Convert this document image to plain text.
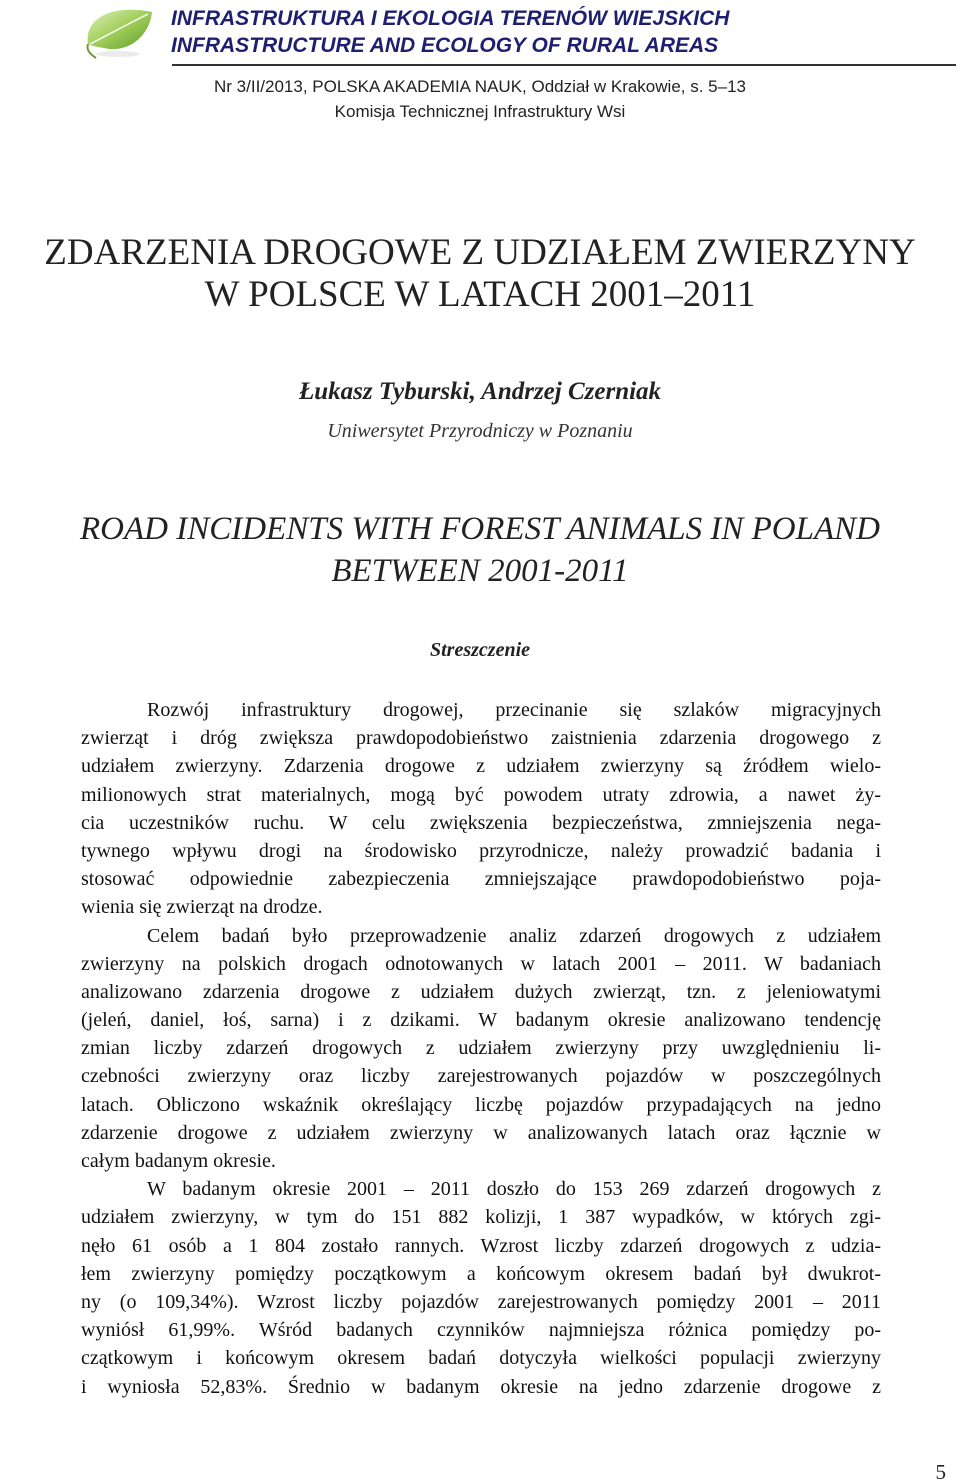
INFRASTRUKTURA I EKOLOGIA TERENÓW WIEJSKICH
INFRASTRUCTURE AND ECOLOGY OF RURAL AREAS
Nr 3/II/2013, POLSKA AKADEMIA NAUK, Oddział w Krakowie, s. 5–13
Komisja Technicznej Infrastruktury Wsi
ZDARZENIA DROGOWE Z UDZIAŁEM ZWIERZYNY
W POLSCE W LATACH 2001–2011
Łukasz Tyburski, Andrzej Czerniak
Uniwersytet Przyrodniczy w Poznaniu
ROAD INCIDENTS WITH FOREST ANIMALS IN POLAND
BETWEEN 2001-2011
Streszczenie
Rozwój infrastruktury drogowej, przecinanie się szlaków migracyjnych
zwierząt i dróg zwiększa prawdopodobieństwo zaistnienia zdarzenia drogowego z
udziałem zwierzyny. Zdarzenia drogowe z udziałem zwierzyny są źródłem wielo-
milionowych strat materialnych, mogą być powodem utraty zdrowia, a nawet ży-
cia uczestników ruchu. W celu zwiększenia bezpieczeństwa, zmniejszenia nega-
tywnego wpływu drogi na środowisko przyrodnicze, należy prowadzić badania i
stosować odpowiednie zabezpieczenia zmniejszające prawdopodobieństwo poja-
wienia się zwierząt na drodze.
Celem badań było przeprowadzenie analiz zdarzeń drogowych z udziałem
zwierzyny na polskich drogach odnotowanych w latach 2001 – 2011. W badaniach
analizowano zdarzenia drogowe z udziałem dużych zwierząt, tzn. z jeleniowatymi
(jeleń, daniel, łoś, sarna) i z dzikami. W badanym okresie analizowano tendencję
zmian liczby zdarzeń drogowych z udziałem zwierzyny przy uwzględnieniu li-
czebności zwierzyny oraz liczby zarejestrowanych pojazdów w poszczególnych
latach. Obliczono wskaźnik określający liczbę pojazdów przypadających na jedno
zdarzenie drogowe z udziałem zwierzyny w analizowanych latach oraz łącznie w
całym badanym okresie.
W badanym okresie 2001 – 2011 doszło do 153 269 zdarzeń drogowych z
udziałem zwierzyny, w tym do 151 882 kolizji, 1 387 wypadków, w których zgi-
nęło 61 osób a 1 804 zostało rannych. Wzrost liczby zdarzeń drogowych z udzia-
łem zwierzyny pomiędzy początkowym a końcowym okresem badań był dwukrot-
ny (o 109,34%). Wzrost liczby pojazdów zarejestrowanych pomiędzy 2001 – 2011
wyniósł 61,99%. Wśród badanych czynników najmniejsza różnica pomiędzy po-
czątkowym i końcowym okresem badań dotyczyła wielkości populacji zwierzyny
i wyniosła 52,83%. Średnio w badanym okresie na jedno zdarzenie drogowe z
5
